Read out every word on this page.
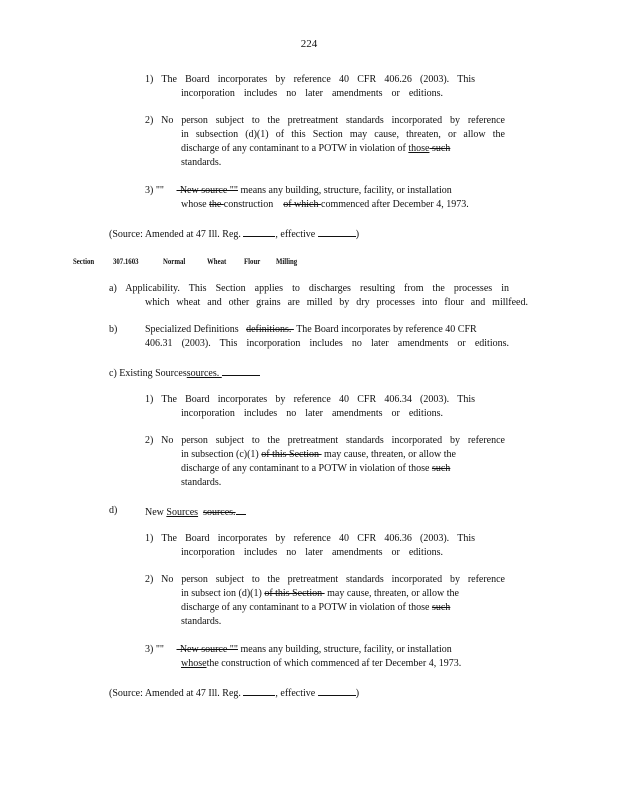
224
1) The Board incorporates by reference 40 CFR 406.26 (2003). This
incorporation includes no later amendments or editions.
2) No person subject to the pretreatment standards incorporated by reference
in subsection (d)(1) of this Section may cause, threaten, or allow the
discharge of any contaminant to a POTW in violation of those such
standards.
3) "" -New source "" means any building, structure, facility, or installation
whose the construction    of which commenced after December 4, 1973.
(Source: Amended at 47 Ill. Reg.	, effective	)
Section 307.1603	Normal	Wheat Flour Milling
a) Applicability. This Section applies to discharges resulting from the processes in
which wheat and other grains are milled by dry processes into flour and millfeed.
b)	Specialized Definitions   definitions.  The Board incorporates by reference 40 CFR
406.31 (2003). This incorporation includes no later amendments or editions.
c) Existing Sourcessources.
1) The Board incorporates by reference 40 CFR 406.34 (2003). This
incorporation includes no later amendments or editions.
2) No person subject to the pretreatment standards incorporated by reference
in subsection (c)(1) of this Section  may cause, threaten, or allow the
discharge of any contaminant to a POTW in violation of those such
standards.
d)	New Sources sources.
1) The Board incorporates by reference 40 CFR 406.36 (2003). This
incorporation includes no later amendments or editions.
2) No person subject to the pretreatment standards incorporated by reference
in subsect ion (d)(1) of this Section  may cause, threaten, or allow the
discharge of any contaminant to a POTW in violation of those such
standards.
3) "" -New source "" means any building, structure, facility, or installation
whosethe construction of which commenced af ter December 4, 1973.
(Source: Amended at 47 Ill. Reg.	, effective	)
